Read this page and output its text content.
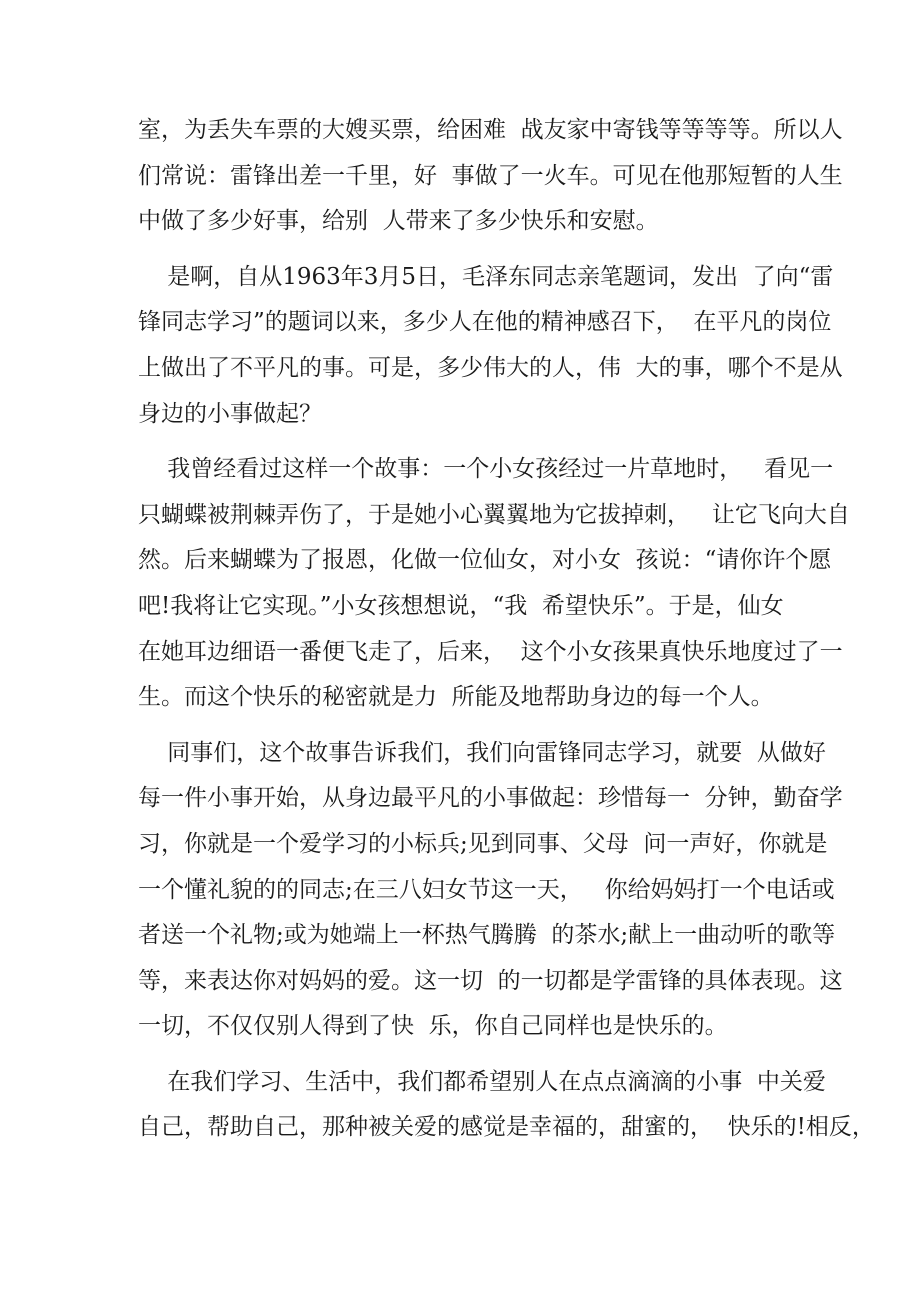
室，为丢失车票的大嫂买票，给困难  战友家中寄钱等等等等。所以人
们常说：雷锋出差一千里，好  事做了一火车。可见在他那短暂的人生
中做了多少好事，给别  人带来了多少快乐和安慰。
是啊，自从1963年3月5日，毛泽东同志亲笔题词，发出  了向“雷
锋同志学习”的题词以来，多少人在他的精神感召下，  在平凡的岗位
上做出了不平凡的事。可是，多少伟大的人，伟  大的事，哪个不是从
身边的小事做起？
我曾经看过这样一个故事：一个小女孩经过一片草地时，   看见一
只蝴蝶被荆棘弄伤了，于是她小心翼翼地为它拔掉刺，   让它飞向大自
然。后来蝴蝶为了报恩，化做一位仙女，对小女  孩说：“请你许个愿
吧!我将让它实现。”小女孩想想说，“我  希望快乐”。于是，仙女
在她耳边细语一番便飞走了，后来，  这个小女孩果真快乐地度过了一
生。而这个快乐的秘密就是力  所能及地帮助身边的每一个人。
同事们，这个故事告诉我们，我们向雷锋同志学习，就要  从做好
每一件小事开始，从身边最平凡的小事做起：珍惜每一  分钟，勤奋学
习，你就是一个爱学习的小标兵;见到同事、父母  问一声好，你就是
一个懂礼貌的的同志;在三八妇女节这一天，   你给妈妈打一个电话或
者送一个礼物;或为她端上一杯热气腾腾  的茶水;献上一曲动听的歌等
等，来表达你对妈妈的爱。这一切  的一切都是学雷锋的具体表现。这
一切，不仅仅别人得到了快  乐，你自己同样也是快乐的。
在我们学习、生活中，我们都希望别人在点点滴滴的小事  中关爱
自己，帮助自己，那种被关爱的感觉是幸福的，甜蜜的，  快乐的!相反，
